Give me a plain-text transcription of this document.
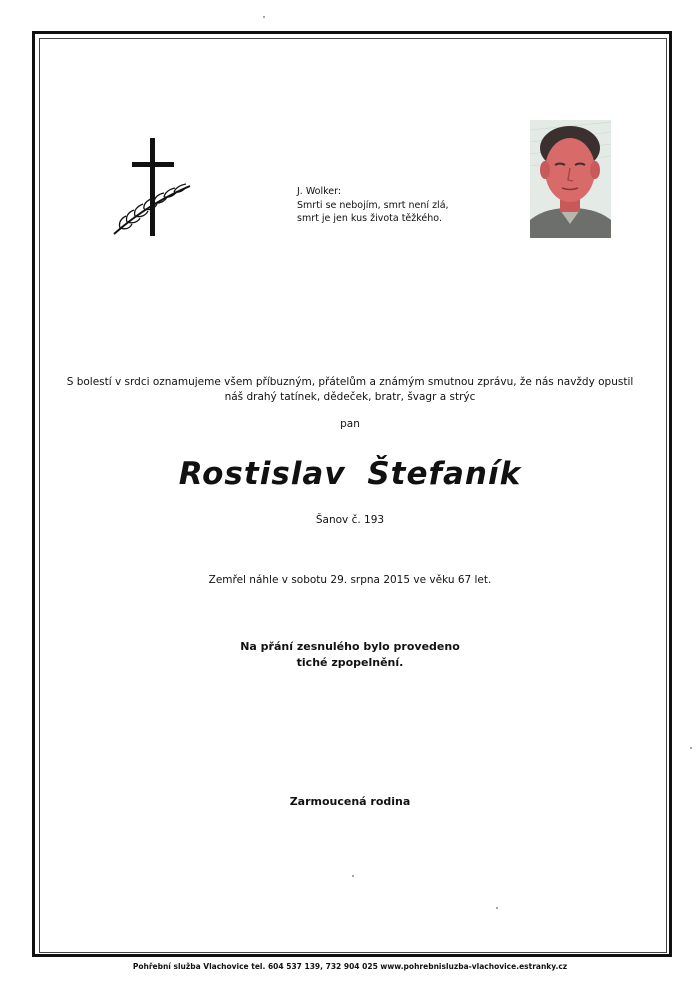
J. Wolker:
Smrti se nebojím, smrt není zlá,
smrt je jen kus života těžkého.
S bolestí v srdci oznamujeme všem příbuzným, přátelům a známým smutnou zprávu, že nás navždy opustil
náš drahý tatínek, dědeček, bratr, švagr a strýc
pan
Rostislav Štefaník
Šanov č. 193
Zemřel náhle v sobotu 29. srpna 2015 ve věku 67 let.
Na přání zesnulého bylo provedeno
tiché zpopelnění.
Zarmoucená rodina
Pohřební služba Vlachovice tel. 604 537 139, 732 904 025 www.pohrebnisluzba-vlachovice.estranky.cz
